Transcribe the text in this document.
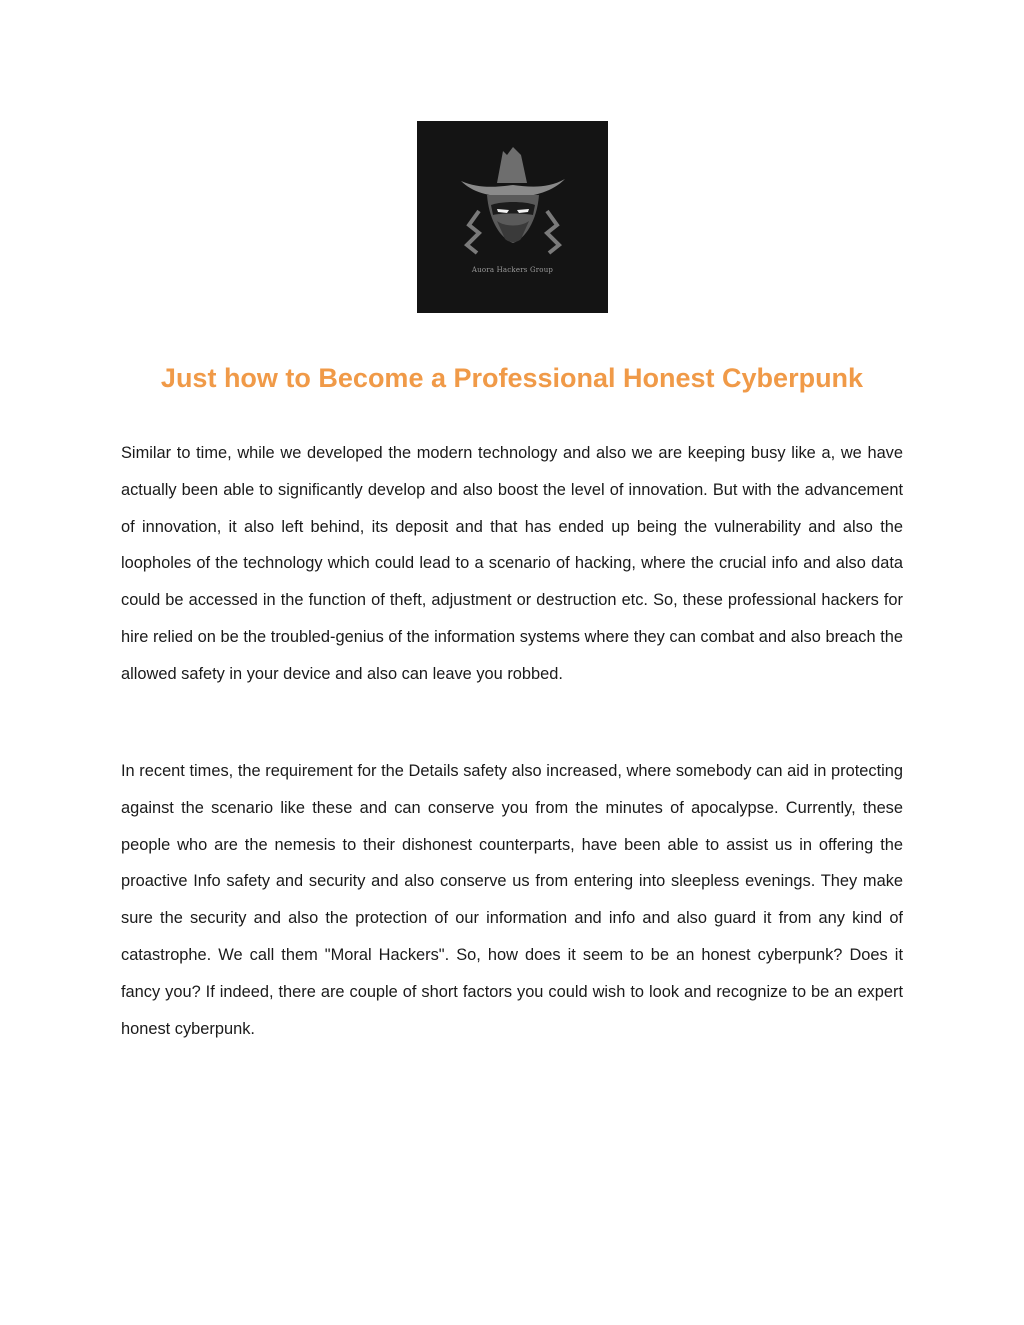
Auora Hackers Group
Just how to Become a Professional Honest Cyberpunk

Similar to time, while we developed the modern technology and also we are keeping busy like a, we have actually been able to significantly develop and also boost the level of innovation. But with the advancement of innovation, it also left behind, its deposit and that has ended up being the vulnerability and also the loopholes of the technology which could lead to a scenario of hacking, where the crucial info and also data could be accessed in the function of theft, adjustment or destruction etc. So, these professional hackers for hire relied on be the troubled-genius of the information systems where they can combat and also breach the allowed safety in your device and also can leave you robbed.

In recent times, the requirement for the Details safety also increased, where somebody can aid in protecting against the scenario like these and can conserve you from the minutes of apocalypse. Currently, these people who are the nemesis to their dishonest counterparts, have been able to assist us in offering the proactive Info safety and security and also conserve us from entering into sleepless evenings. They make sure the security and also the protection of our information and info and also guard it from any kind of catastrophe. We call them "Moral Hackers". So, how does it seem to be an honest cyberpunk? Does it fancy you? If indeed, there are couple of short factors you could wish to look and recognize to be an expert honest cyberpunk.
